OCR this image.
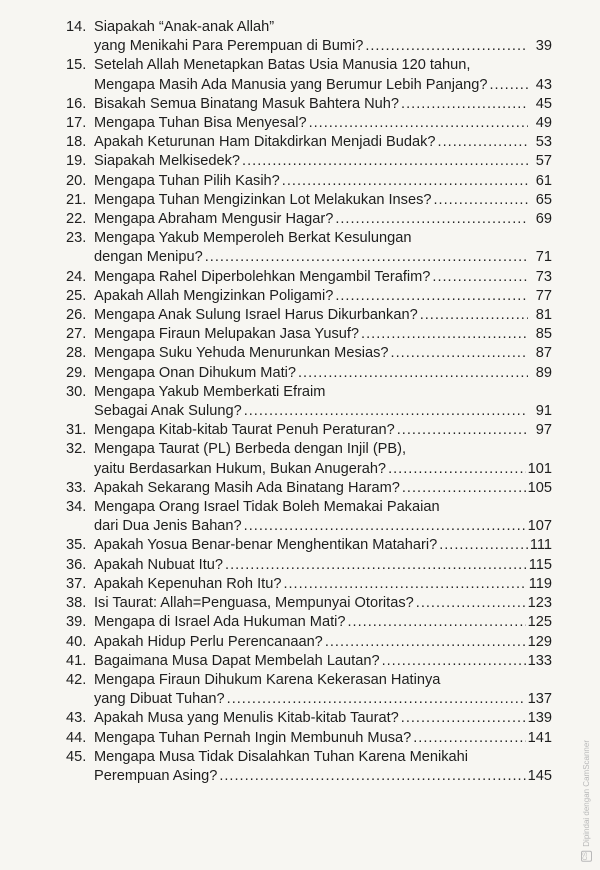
14. Siapakah “Anak-anak Allah”
yang Menikahi Para Perempuan di Bumi? .....	39
15. Setelah Allah Menetapkan Batas Usia Manusia 120 tahun,
Mengapa Masih Ada Manusia yang Berumur Lebih Panjang? .....	43
16. Bisakah Semua Binatang Masuk Bahtera Nuh? .....	45
17. Mengapa Tuhan Bisa Menyesal? .....	49
18. Apakah Keturunan Ham Ditakdirkan Menjadi Budak? .....	53
19. Siapakah Melkisedek? .....	57
20. Mengapa Tuhan Pilih Kasih? .....	61
21. Mengapa Tuhan Mengizinkan Lot Melakukan Inses? .....	65
22. Mengapa Abraham Mengusir Hagar? .....	69
23. Mengapa Yakub Memperoleh Berkat Kesulungan
dengan Menipu? .....	71
24. Mengapa Rahel Diperbolehkan Mengambil Terafim? .....	73
25. Apakah Allah Mengizinkan Poligami? .....	77
26. Mengapa Anak Sulung Israel Harus Dikurbankan? .....	81
27. Mengapa Firaun Melupakan Jasa Yusuf? .....	85
28. Mengapa Suku Yehuda Menurunkan Mesias? .....	87
29. Mengapa Onan Dihukum Mati? .....	89
30. Mengapa Yakub Memberkati Efraim
Sebagai Anak Sulung? .....	91
31. Mengapa Kitab-kitab Taurat Penuh Peraturan? .....	97
32. Mengapa Taurat (PL) Berbeda dengan Injil (PB),
yaitu Berdasarkan Hukum, Bukan Anugerah? .....	101
33. Apakah Sekarang Masih Ada Binatang Haram? .....	105
34. Mengapa Orang Israel Tidak Boleh Memakai Pakaian
dari Dua Jenis Bahan? .....	107
35. Apakah Yosua Benar-benar Menghentikan Matahari? .....	111
36. Apakah Nubuat Itu? .....	115
37. Apakah Kepenuhan Roh Itu? .....	119
38. Isi Taurat: Allah=Penguasa, Mempunyai Otoritas? .....	123
39. Mengapa di Israel Ada Hukuman Mati? .....	125
40. Apakah Hidup Perlu Perencanaan? .....	129
41. Bagaimana Musa Dapat Membelah Lautan? .....	133
42. Mengapa Firaun Dihukum Karena Kekerasan Hatinya
yang Dibuat Tuhan? .....	137
43. Apakah Musa yang Menulis Kitab-kitab Taurat? .....	139
44. Mengapa Tuhan Pernah Ingin Membunuh Musa? .....	141
45. Mengapa Musa Tidak Disalahkan Tuhan Karena Menikahi
Perempuan Asing? .....	145
CS
Dipindai dengan CamScanner
